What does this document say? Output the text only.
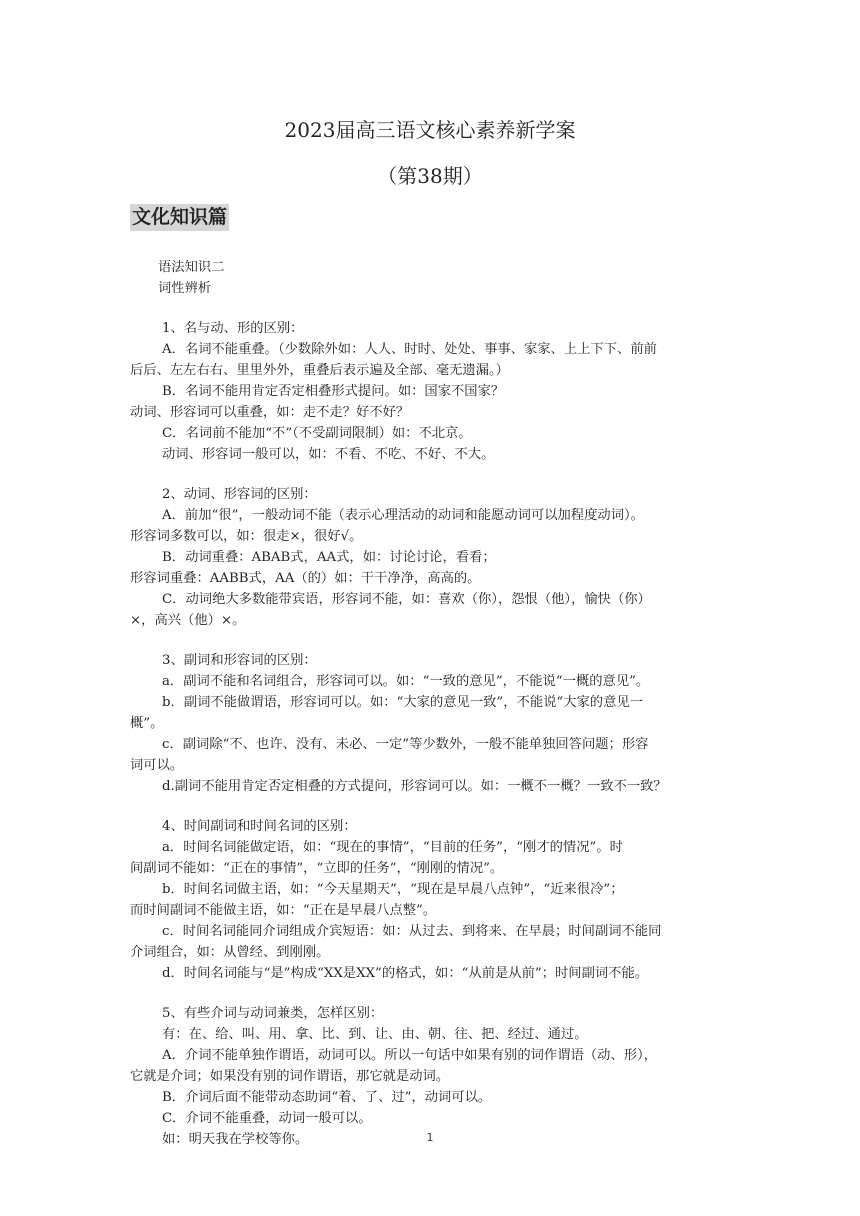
2023届高三语文核心素养新学案
（第38期）
文化知识篇
语法知识二
词性辨析
1、名与动、形的区别：
A．名词不能重叠。（少数除外如：人人、时时、处处、事事、家家、上上下下、前前
后后、左左右右、里里外外，重叠后表示遍及全部、毫无遗漏。）
B．名词不能用肯定否定相叠形式提问。如：国家不国家？
动词、形容词可以重叠，如：走不走？好不好？
C．名词前不能加“不”（不受副词限制）如：不北京。
动词、形容词一般可以，如：不看、不吃、不好、不大。
2、动词、形容词的区别：
A．前加“很”，一般动词不能（表示心理活动的动词和能愿动词可以加程度动词）。
形容词多数可以，如：很走×，很好√。
B．动词重叠：ABAB式，AA式，如：讨论讨论，看看；
形容词重叠：AABB式，AA（的）如：干干净净，高高的。
C．动词绝大多数能带宾语，形容词不能，如：喜欢（你），怨恨（他），愉快（你）
×，高兴（他）×。
3、副词和形容词的区别：
a．副词不能和名词组合，形容词可以。如：“一致的意见”，不能说“一概的意见”。
b．副词不能做谓语，形容词可以。如：“大家的意见一致”，不能说“大家的意见一
概”。
c．副词除“不、也许、没有、未必、一定”等少数外，一般不能单独回答问题；形容
词可以。
d.副词不能用肯定否定相叠的方式提问，形容词可以。如：一概不一概？一致不一致？
4、时间副词和时间名词的区别：
a．时间名词能做定语，如：“现在的事情”，“目前的任务”，“刚才的情况”。时
间副词不能如：“正在的事情”，“立即的任务”，“刚刚的情况”。
b．时间名词做主语，如：“今天星期天”，“现在是早晨八点钟”，“近来很冷”；
而时间副词不能做主语，如：“正在是早晨八点整”。
c．时间名词能同介词组成介宾短语：如：从过去、到将来、在早晨；时间副词不能同
介词组合，如：从曾经、到刚刚。
d．时间名词能与“是”构成“XX是XX”的格式，如：“从前是从前”；时间副词不能。
5、有些介词与动词兼类，怎样区别：
有：在、给、叫、用、拿、比、到、让、由、朝、往、把、经过、通过。
A．介词不能单独作谓语，动词可以。所以一句话中如果有别的词作谓语（动、形），
它就是介词；如果没有别的词作谓语，那它就是动词。
B．介词后面不能带动态助词“着、了、过”，动词可以。
C．介词不能重叠，动词一般可以。
如：明天我在学校等你。	1
